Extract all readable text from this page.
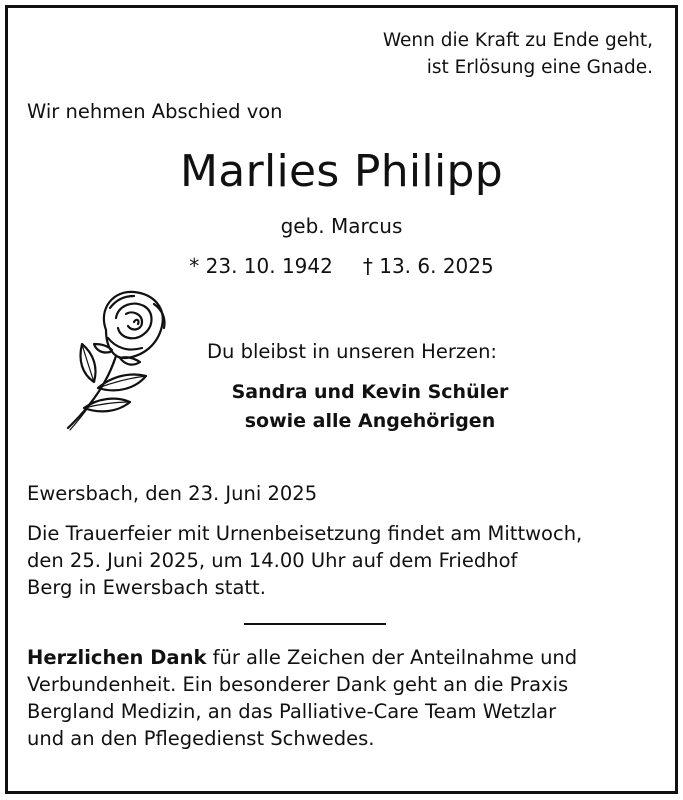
Wenn die Kraft zu Ende geht,
ist Erlösung eine Gnade.
Wir nehmen Abschied von
Marlies Philipp
geb. Marcus
* 23. 10. 1942 † 13. 6. 2025
Du bleibst in unseren Herzen:
Sandra und Kevin Schüler
sowie alle Angehörigen
Ewersbach, den 23. Juni 2025
Die Trauerfeier mit Urnenbeisetzung findet am Mittwoch,
den 25. Juni 2025, um 14.00 Uhr auf dem Friedhof
Berg in Ewersbach statt.
Herzlichen Dank für alle Zeichen der Anteilnahme und
Verbundenheit. Ein besonderer Dank geht an die Praxis
Bergland Medizin, an das Palliative-Care Team Wetzlar
und an den Pflegedienst Schwedes.
